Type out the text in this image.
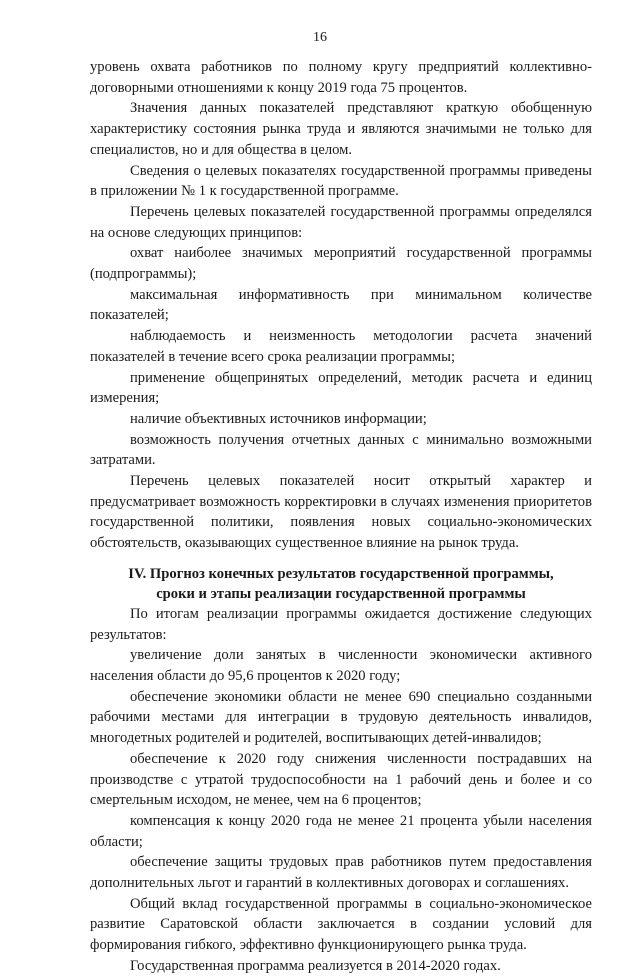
16

уровень охвата работников по полному кругу предприятий коллективно-договорными отношениями к концу 2019 года 75 процентов.

Значения данных показателей представляют краткую обобщенную характеристику состояния рынка труда и являются значимыми не только для специалистов, но и для общества в целом.

Сведения о целевых показателях государственной программы приведены в приложении № 1 к государственной программе.

Перечень целевых показателей государственной программы определялся на основе следующих принципов:

охват наиболее значимых мероприятий государственной программы (подпрограммы);

максимальная информативность при минимальном количестве показателей;

наблюдаемость и неизменность методологии расчета значений показателей в течение всего срока реализации программы;

применение общепринятых определений, методик расчета и единиц измерения;

наличие объективных источников информации;

возможность получения отчетных данных с минимально возможными затратами.

Перечень целевых показателей носит открытый характер и предусматривает возможность корректировки в случаях изменения приоритетов государственной политики, появления новых социально-экономических обстоятельств, оказывающих существенное влияние на рынок труда.

IV. Прогноз конечных результатов государственной программы,
сроки и этапы реализации государственной программы

По итогам реализации программы ожидается достижение следующих результатов:

увеличение доли занятых в численности экономически активного населения области до 95,6 процентов к 2020 году;

обеспечение экономики области не менее 690 специально созданными рабочими местами для интеграции в трудовую деятельность инвалидов, многодетных родителей и родителей, воспитывающих детей-инвалидов;

обеспечение к 2020 году снижения численности пострадавших на производстве с утратой трудоспособности на 1 рабочий день и более и со смертельным исходом, не менее, чем на 6 процентов;

компенсация к концу 2020 года не менее 21 процента убыли населения области;

обеспечение защиты трудовых прав работников путем предоставления дополнительных льгот и гарантий в коллективных договорах и соглашениях.

Общий вклад государственной программы в социально-экономическое развитие Саратовской области заключается в создании условий для формирования гибкого, эффективно функционирующего рынка труда.

Государственная программа реализуется в 2014-2020 годах.
